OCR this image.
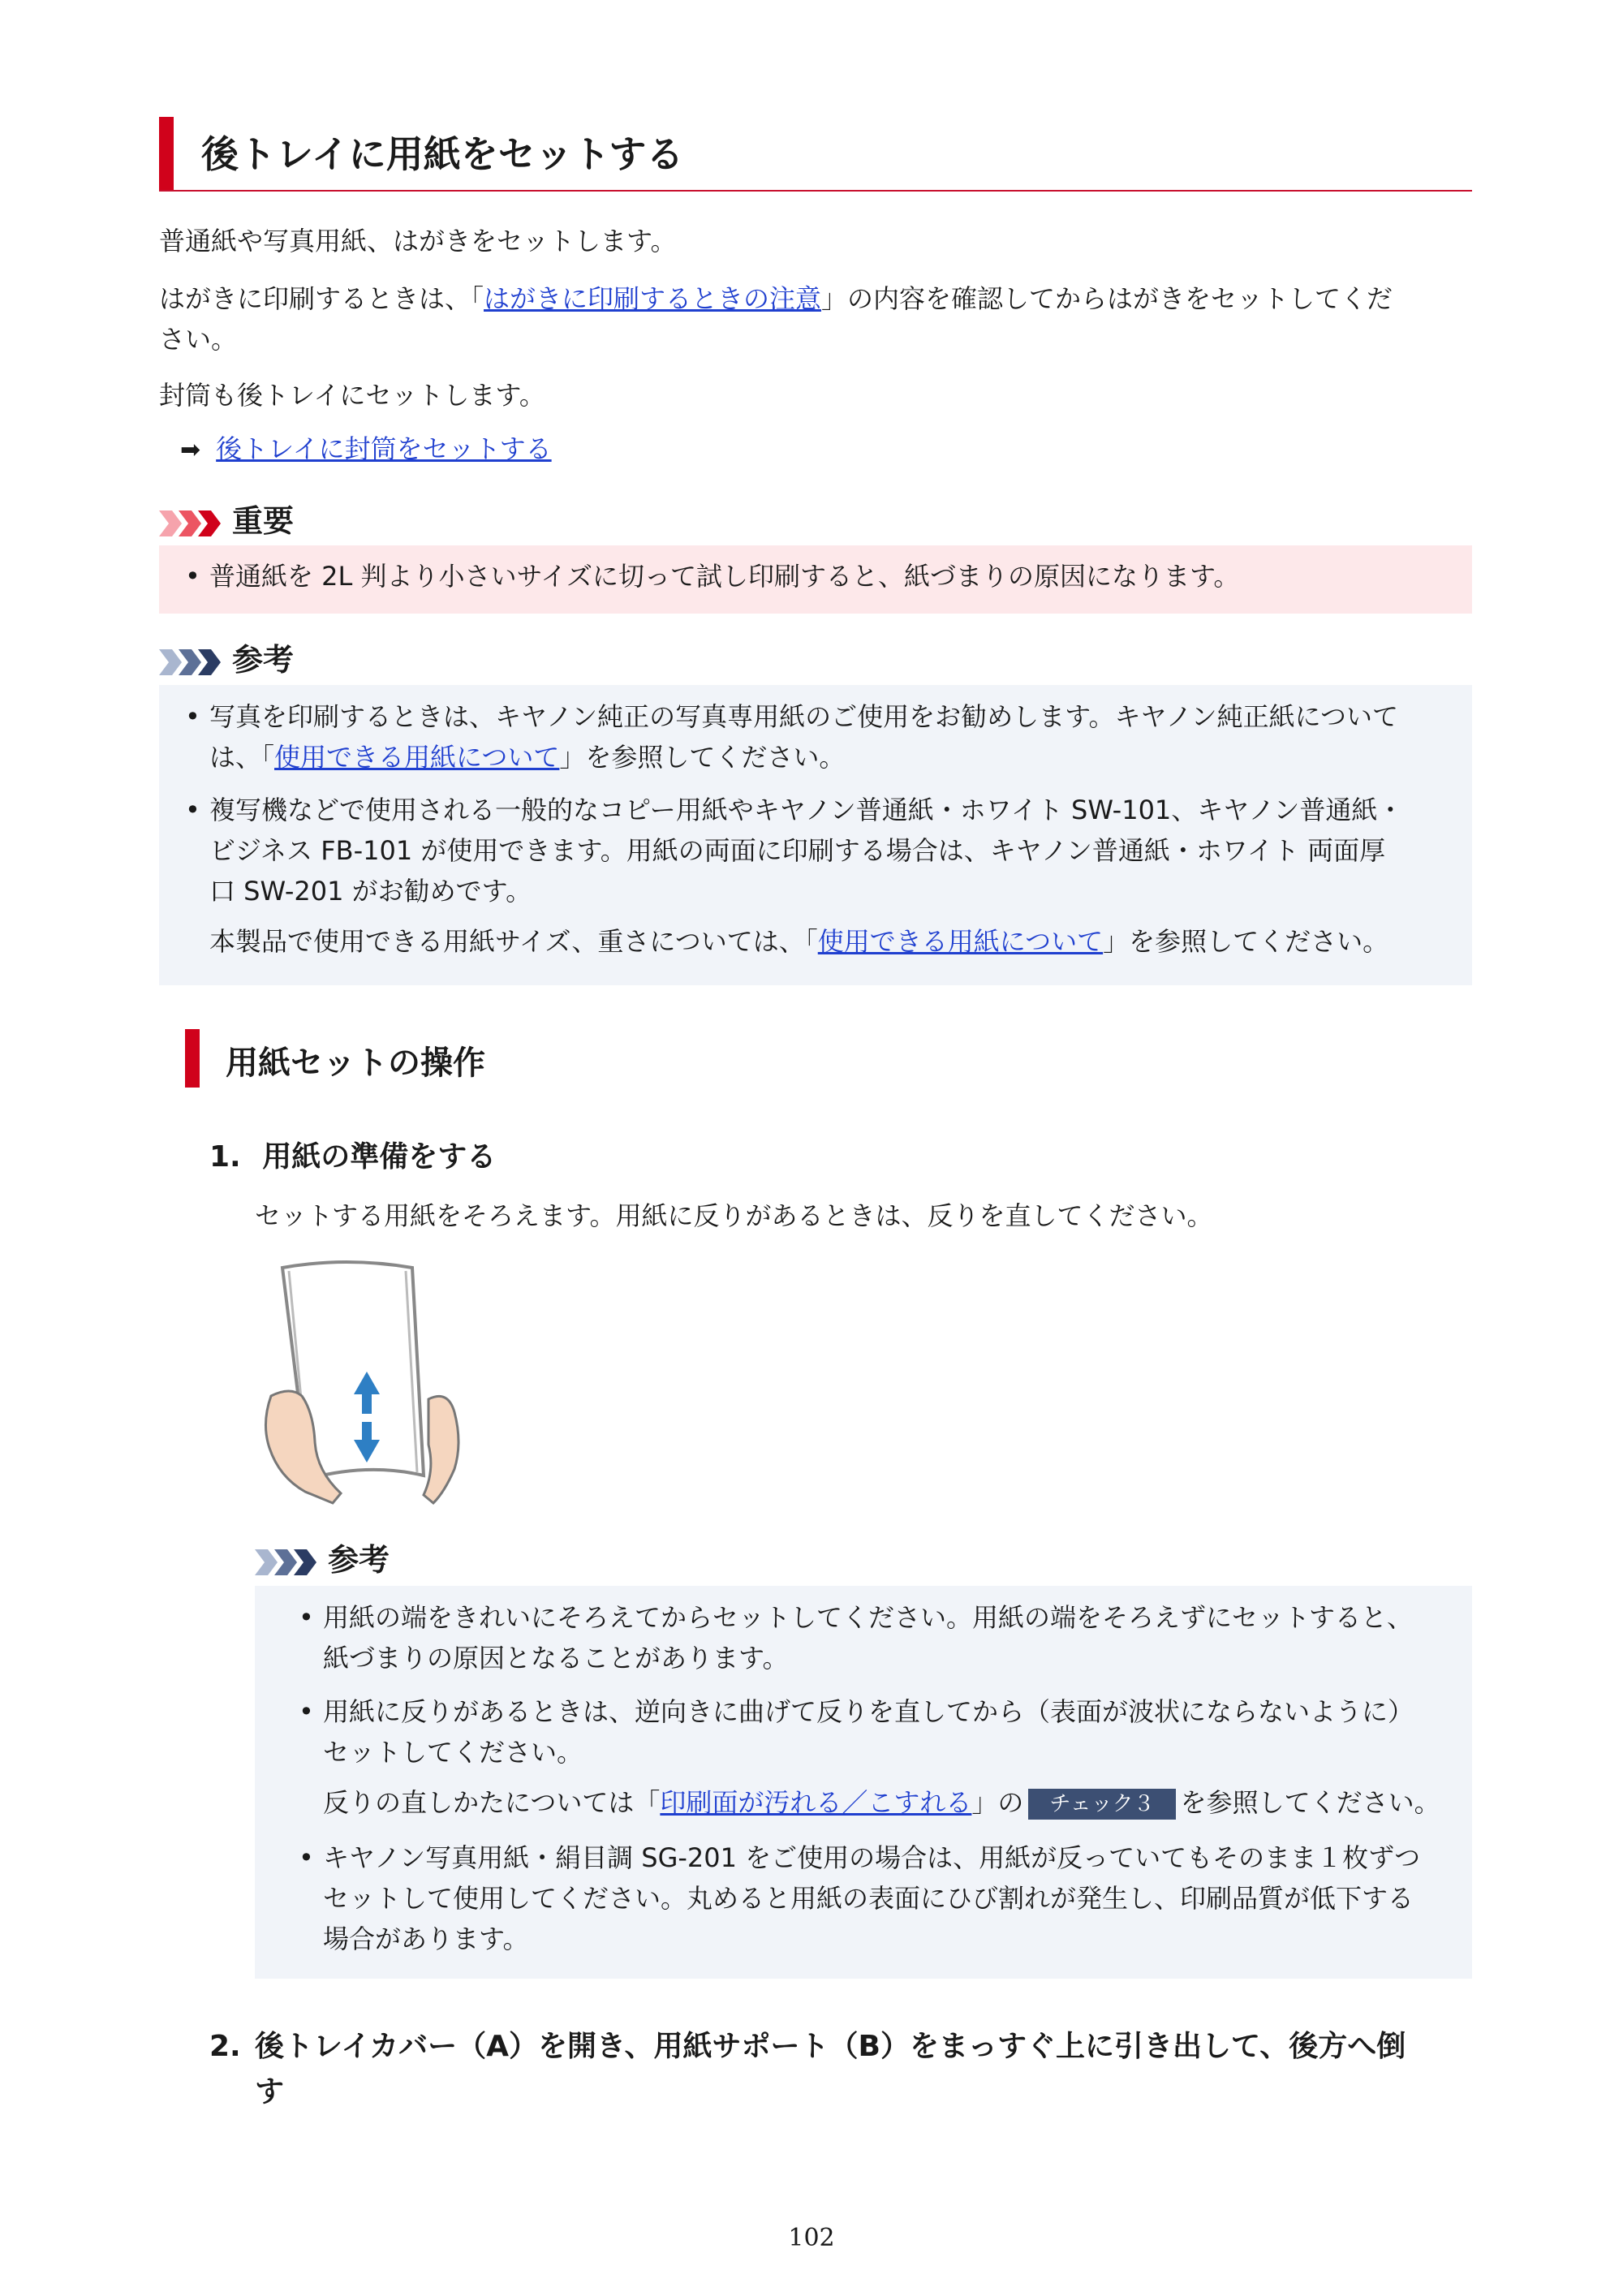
後トレイに用紙をセットする
普通紙や写真用紙、はがきをセットします。
はがきに印刷するときは、「はがきに印刷するときの注意」の内容を確認してからはがきをセットしてくだ
さい。
封筒も後トレイにセットします。
➡ 後トレイに封筒をセットする
重要
• 普通紙を 2L 判より小さいサイズに切って試し印刷すると、紙づまりの原因になります。
参考
• 写真を印刷するときは、キヤノン純正の写真専用紙のご使用をお勧めします。キヤノン純正紙について
は、「使用できる用紙について」を参照してください。
• 複写機などで使用される一般的なコピー用紙やキヤノン普通紙・ホワイト SW-101、キヤノン普通紙・
ビジネス FB-101 が使用できます。用紙の両面に印刷する場合は、キヤノン普通紙・ホワイト 両面厚
口 SW-201 がお勧めです。
本製品で使用できる用紙サイズ、重さについては、「使用できる用紙について」を参照してください。
用紙セットの操作
1. 用紙の準備をする
セットする用紙をそろえます。用紙に反りがあるときは、反りを直してください。
参考
• 用紙の端をきれいにそろえてからセットしてください。用紙の端をそろえずにセットすると、
紙づまりの原因となることがあります。
• 用紙に反りがあるときは、逆向きに曲げて反りを直してから（表面が波状にならないように）
セットしてください。
反りの直しかたについては「印刷面が汚れる／こすれる」の チェック３ を参照してください。
• キヤノン写真用紙・絹目調 SG-201 をご使用の場合は、用紙が反っていてもそのまま１枚ずつ
セットして使用してください。丸めると用紙の表面にひび割れが発生し、印刷品質が低下する
場合があります。
2. 後トレイカバー（A）を開き、用紙サポート（B）をまっすぐ上に引き出して、後方へ倒
す
102
